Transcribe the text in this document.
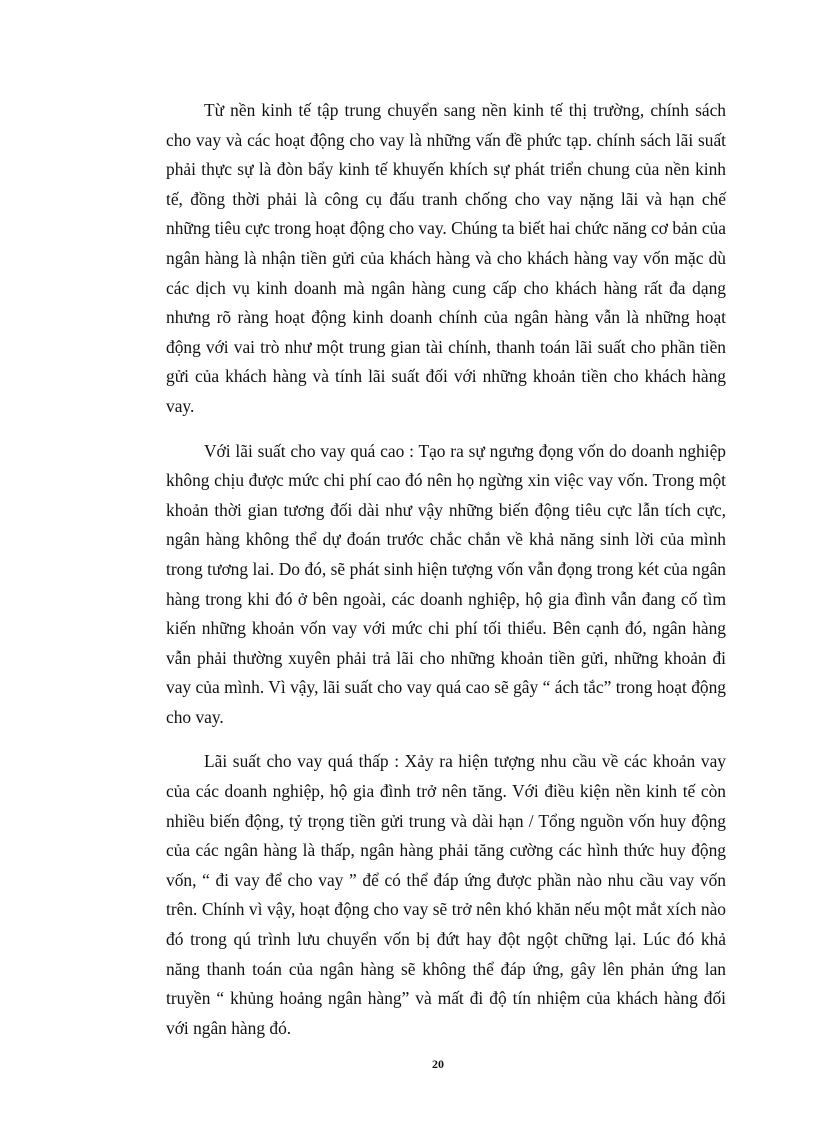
Từ nền kinh tế tập trung chuyển sang nền kinh tế thị trường, chính sách cho vay và các hoạt động cho vay là những vấn đề phức tạp. chính sách lãi suất phải thực sự là đòn bẩy kinh tế khuyến khích sự phát triển chung của nền kinh tế, đồng thời phải là công cụ đấu tranh chống cho vay nặng lãi và hạn chế những tiêu cực trong hoạt động cho vay. Chúng ta biết hai chức năng cơ bản của ngân hàng là nhận tiền gửi của khách hàng và cho khách hàng vay vốn mặc dù các dịch vụ kinh doanh mà ngân hàng cung cấp cho khách hàng rất đa dạng nhưng rõ ràng hoạt động kinh doanh chính của ngân hàng vẫn là những hoạt động với vai trò như một trung gian tài chính, thanh toán lãi suất cho phần tiền gửi của khách hàng và tính lãi suất đối với những khoản tiền cho khách hàng vay.

Với lãi suất cho vay quá cao : Tạo ra sự ngưng đọng vốn do doanh nghiệp không chịu được mức chi phí cao đó nên họ ngừng xin việc vay vốn. Trong một khoản thời gian tương đối dài như vậy những biến động tiêu cực lẫn tích cực, ngân hàng không thể dự đoán trước chắc chắn về khả năng sinh lời của mình trong tương lai. Do đó, sẽ phát sinh hiện tượng vốn vẫn đọng trong két của ngân hàng trong khi đó ở bên ngoài, các doanh nghiệp, hộ gia đình vẫn đang cố tìm kiến những khoản vốn vay với mức chi phí tối thiểu. Bên cạnh đó, ngân hàng vẫn phải thường xuyên phải trả lãi cho những khoản tiền gửi, những khoản đi vay của mình. Vì vậy, lãi suất cho vay quá cao sẽ gây “ ách tắc” trong hoạt động cho vay.

Lãi suất cho vay quá thấp : Xảy ra hiện tượng nhu cầu về các khoản vay của các doanh nghiệp, hộ gia đình trở nên tăng. Với điều kiện nền kinh tế còn nhiều biến động, tỷ trọng tiền gửi trung và dài hạn / Tổng nguồn vốn huy động của các ngân hàng là thấp, ngân hàng phải tăng cường các hình thức huy động vốn, “ đi vay để cho vay ” để có thể đáp ứng được phần nào nhu cầu vay vốn trên. Chính vì vậy, hoạt động cho vay sẽ trở nên khó khăn nếu một mắt xích nào đó trong qú trình lưu chuyển vốn bị đứt hay đột ngột chững lại. Lúc đó khả năng thanh toán của ngân hàng sẽ không thể đáp ứng, gây lên phản ứng lan truyền “ khủng hoảng ngân hàng” và mất đi độ tín nhiệm của khách hàng đối với ngân hàng đó.

20
